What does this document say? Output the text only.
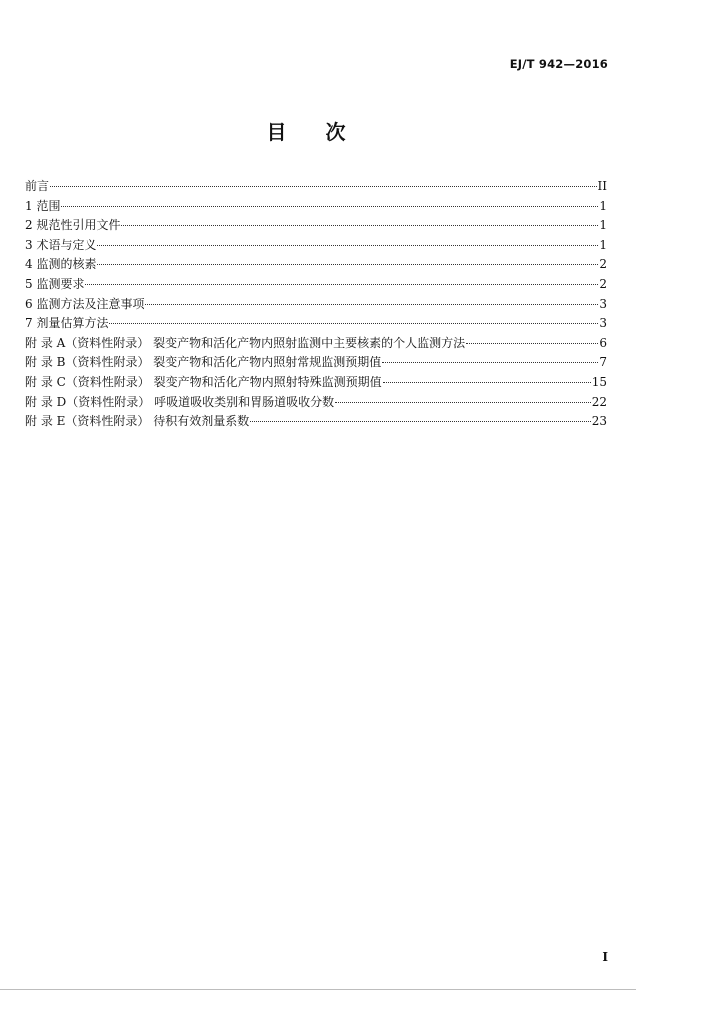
EJ/T 942—2016
目 次
前言	II
1 范围	1
2 规范性引用文件	1
3 术语与定义	1
4 监测的核素	2
5 监测要求	2
6 监测方法及注意事项	3
7 剂量估算方法	3
附 录 A（资料性附录） 裂变产物和活化产物内照射监测中主要核素的个人监测方法	6
附 录 B（资料性附录） 裂变产物和活化产物内照射常规监测预期值	7
附 录 C（资料性附录） 裂变产物和活化产物内照射特殊监测预期值	15
附 录 D（资料性附录） 呼吸道吸收类别和胃肠道吸收分数	22
附 录 E（资料性附录） 待积有效剂量系数	23
I
